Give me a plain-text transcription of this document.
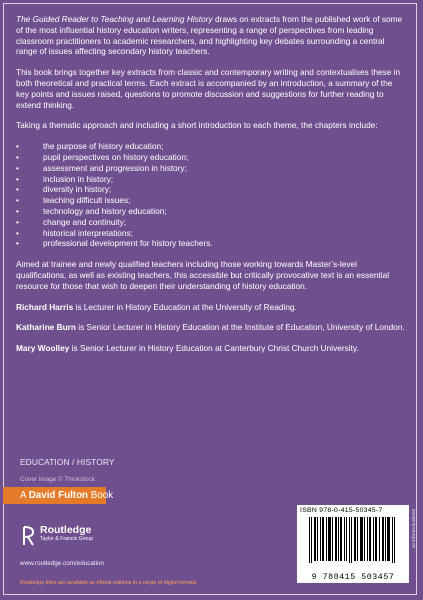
The Guided Reader to Teaching and Learning History draws on extracts from the published work of some of the most influential history education writers, representing a range of perspectives from leading classroom practitioners to academic researchers, and highlighting key debates surrounding a central range of issues affecting secondary history teachers.

This book brings together key extracts from classic and contemporary writing and contextualises these in both theoretical and practical terms. Each extract is accompanied by an introduction, a summary of the key points and issues raised, questions to promote discussion and suggestions for further reading to extend thinking.

Taking a thematic approach and including a short introduction to each theme, the chapters include:

•	the purpose of history education;
•	pupil perspectives on history education;
•	assessment and progression in history;
•	inclusion in history;
•	diversity in history;
•	teaching difficult issues;
•	technology and history education;
•	change and continuity;
•	historical interpretations;
•	professional development for history teachers.

Aimed at trainee and newly qualified teachers including those working towards Master’s-level qualifications, as well as existing teachers, this accessible but critically provocative text is an essential resource for those that wish to deepen their understanding of history education.

Richard Harris is Lecturer in History Education at the University of Reading.

Katharine Burn is Senior Lecturer in History Education at the Institute of Education, University of London.

Mary Woolley is Senior Lecturer in History Education at Canterbury Christ Church University.

EDUCATION / HISTORY
Cover image © Thinkstock
A David Fulton Book
Routledge
Taylor & Francis Group
www.routledge.com/education
Routledge titles are available as eBook editions in a range of digital formats
ISBN 978-0-415-50345-7
9 780415 503457
an informa business
